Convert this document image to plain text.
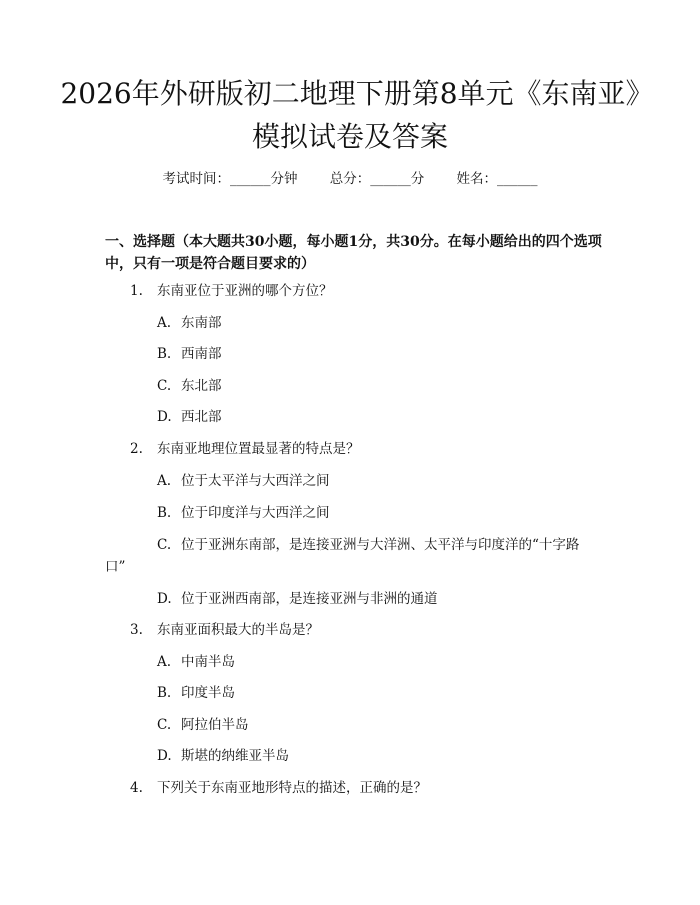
2026年外研版初二地理下册第8单元《东南亚》模拟试卷及答案
考试时间：______分钟 总分：______分 姓名：______

一、选择题（本大题共30小题，每小题1分，共30分。在每小题给出的四个选项中，只有一项是符合题目要求的）

1. 东南亚位于亚洲的哪个方位？
A. 东南部
B. 西南部
C. 东北部
D. 西北部
2. 东南亚地理位置最显著的特点是？
A. 位于太平洋与大西洋之间
B. 位于印度洋与大西洋之间
C. 位于亚洲东南部，是连接亚洲与大洋洲、太平洋与印度洋的“十字路
口”
D. 位于亚洲西南部，是连接亚洲与非洲的通道
3. 东南亚面积最大的半岛是？
A. 中南半岛
B. 印度半岛
C. 阿拉伯半岛
D. 斯堪的纳维亚半岛
4. 下列关于东南亚地形特点的描述，正确的是？
